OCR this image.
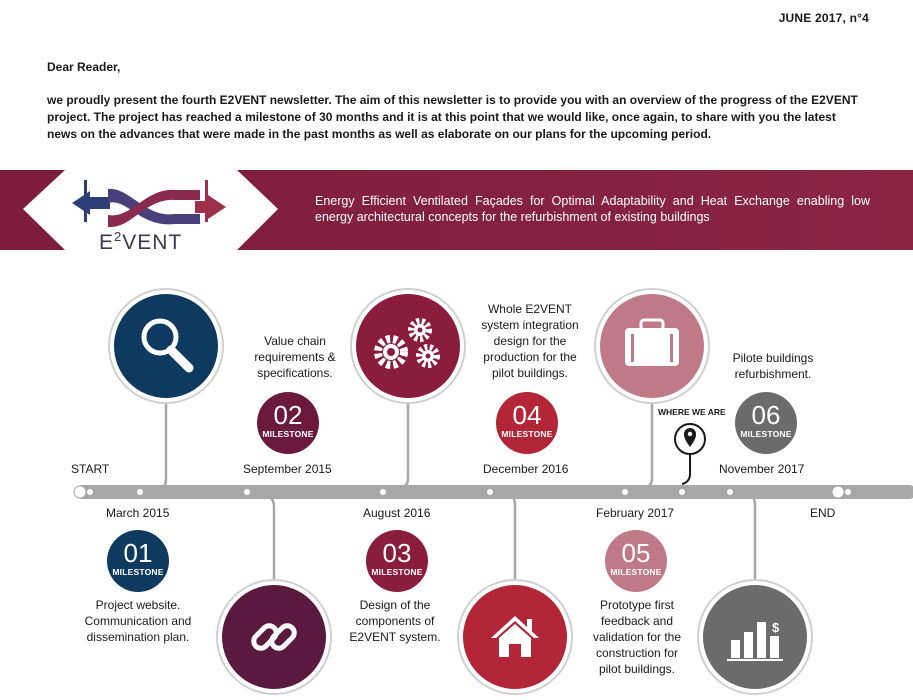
JUNE 2017, n°4
Dear Reader,
we proudly present the fourth E2VENT newsletter. The aim of this newsletter is to provide you with an overview of the progress of the E2VENT project. The project has reached a milestone of 30 months and it is at this point that we would like, once again, to share with you the latest news on the advances that were made in the past months as well as elaborate on our plans for the upcoming period.
Energy Efficient Ventilated Façades for Optimal Adaptability and Heat Exchange enabling low energy architectural concepts for the refurbishment of existing buildings
$E^2VENT$
START
END
$
WHERE WE ARE
March 2015
01
MILESTONE
Project website.
Communication and
dissemination plan.
Value chain
requirements &
specifications.
02
MILESTONE
September 2015
August 2016
03
MILESTONE
Design of the
components of
E2VENT system.
Whole E2VENT
system integration
design for the
production for the
pilot buildings.
04
MILESTONE
December 2016
February 2017
05
MILESTONE
Prototype first
feedback and
validation for the
construction for
pilot buildings.
Pilote buildings
refurbishment.
06
MILESTONE
November 2017
